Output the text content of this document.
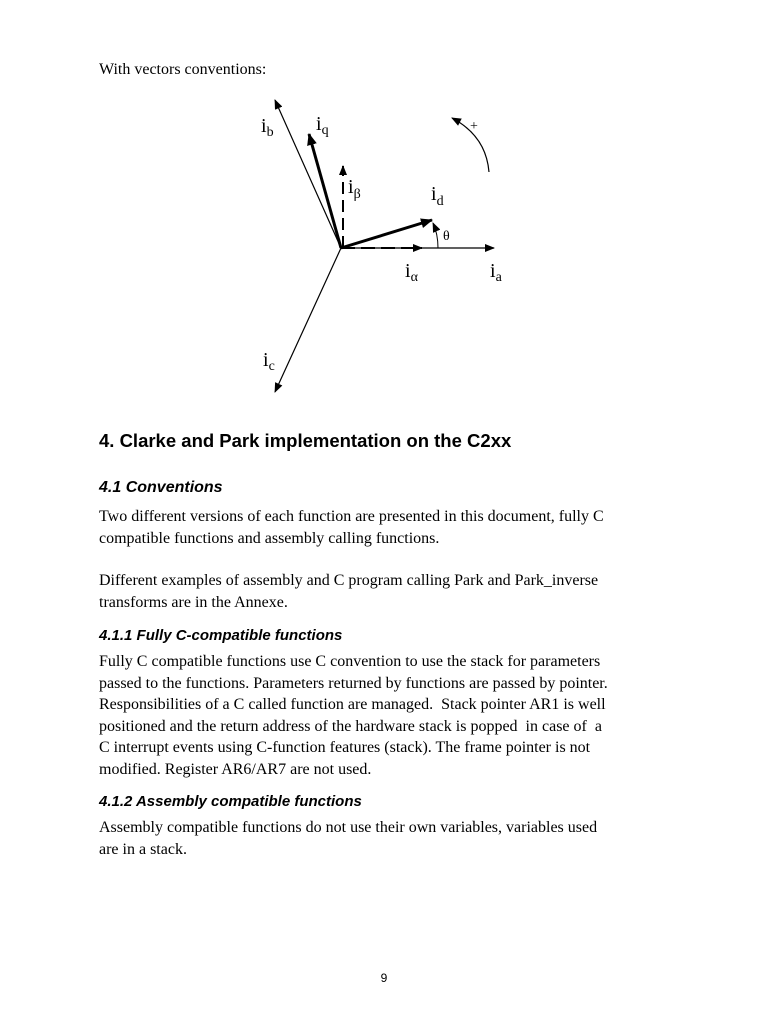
With vectors conventions:

$i_b$ $i_q$
$i_\beta$	$i_d$
θ
$i_\alpha$	$i_a$
$i_c$
+
4. Clarke and Park implementation on the C2xx
4.1 Conventions

Two different versions of each function are presented in this document, fully C
compatible functions and assembly calling functions.

Different examples of assembly and C program calling Park and Park_inverse
transforms are in the Annexe.

4.1.1 Fully C-compatible functions

Fully C compatible functions use C convention to use the stack for parameters
passed to the functions. Parameters returned by functions are passed by pointer.
Responsibilities of a C called function are managed.  Stack pointer AR1 is well
positioned and the return address of the hardware stack is popped  in case of  a
C interrupt events using C-function features (stack). The frame pointer is not
modified. Register AR6/AR7 are not used.

4.1.2 Assembly compatible functions

Assembly compatible functions do not use their own variables, variables used
are in a stack.

9
